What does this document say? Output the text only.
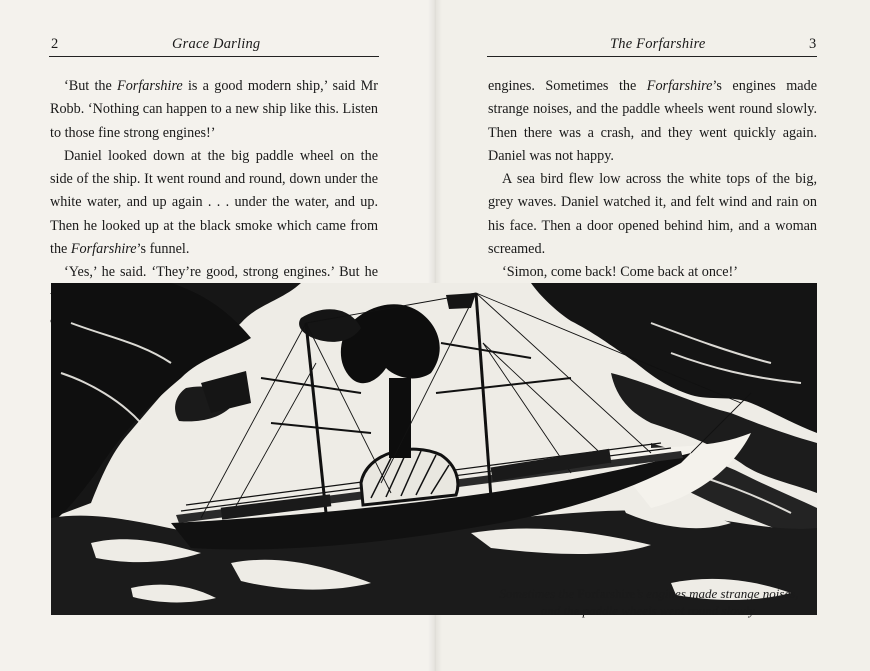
2	Grace Darling	The Forfarshire	3

‘But the Forfarshire is a good modern ship,’ said Mr Robb. ‘Nothing can happen to a new ship like this. Listen to those fine strong engines!’

Daniel looked down at the big paddle wheel on the side of the ship. It went round and round, down under the white water, and up again . . . under the water, and up. Then he looked up at the black smoke which came from the Forfarshire’s funnel.

‘Yes,’ he said. ‘They’re good, strong engines.’ But he

engines. Sometimes the Forfarshire’s engines made strange noises, and the paddle wheels went round slowly. Then there was a crash, and they went quickly again. Daniel was not happy.

A sea bird flew low across the white tops of the big, grey waves. Daniel watched it, and felt wind and rain on his face. Then a door opened behind him, and a woman screamed.

‘Simon, come back! Come back at once!’

Sometimes the Forfarshire’s engines made strange noises,
and the paddle wheels went round slowly.
